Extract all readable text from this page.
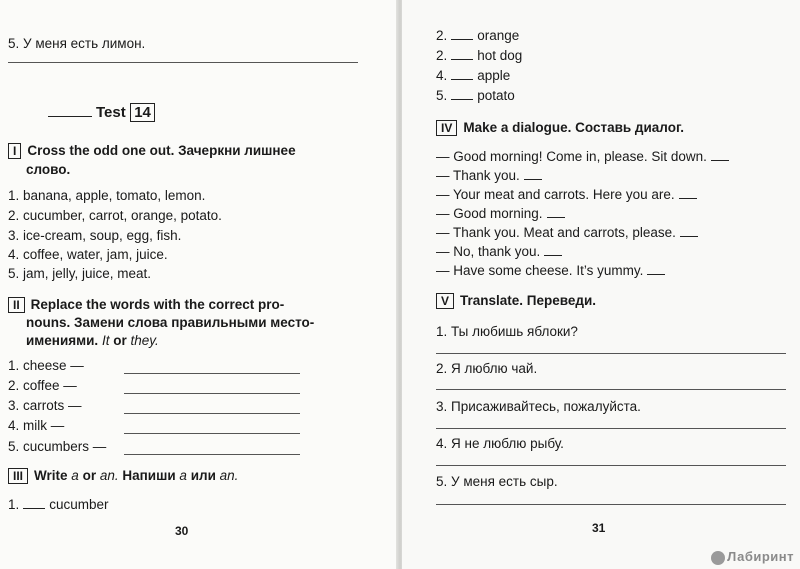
5. У меня есть лимон.
Test 14
I Cross the odd one out. Зачеркни лишнее
слово.
1. banana, apple, tomato, lemon.
2. cucumber, carrot, orange, potato.
3. ice-cream, soup, egg, fish.
4. coffee, water, jam, juice.
5. jam, jelly, juice, meat.
II Replace the words with the correct pro-
nouns. Замени слова правильными место-
имениями. It or they.
1. cheese —
2. coffee —
3. carrots —
4. milk —
5. cucumbers —
III Write a or an. Напиши a или an.
1. cucumber
30
2. orange
2. hot dog
4. apple
5. potato
IV Make a dialogue. Составь диалог.
— Good morning! Come in, please. Sit down.
— Thank you.
— Your meat and carrots. Here you are.
— Good morning.
— Thank you. Meat and carrots, please.
— No, thank you.
— Have some cheese. It’s yummy.
V Translate. Переведи.
1. Ты любишь яблоки?
2. Я люблю чай.
3. Присаживайтесь, пожалуйста.
4. Я не люблю рыбу.
5. У меня есть сыр.
31
Лабиринт
